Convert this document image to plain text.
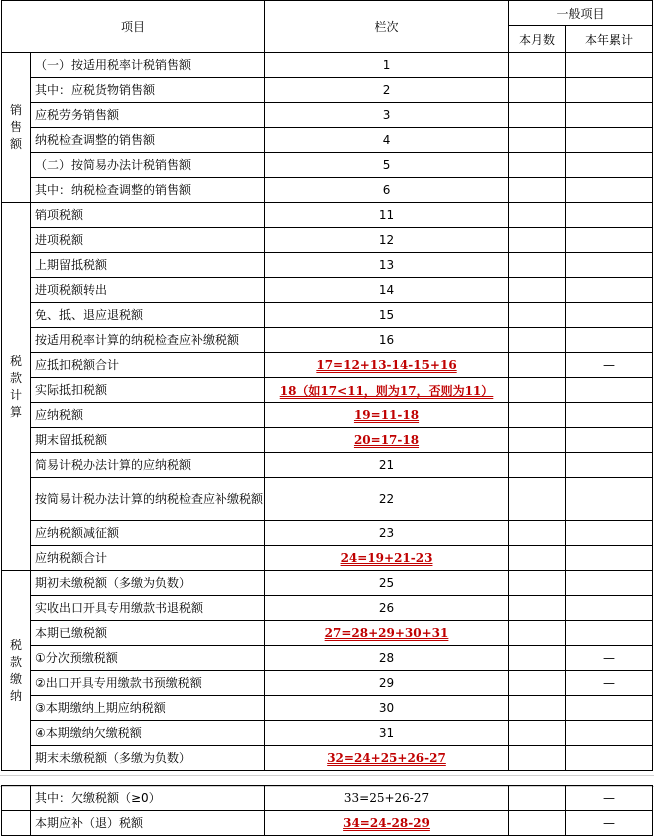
项目		栏次	一般项目	
			本月数	本年累计

销
售
额	（一）按适用税率计税销售额	1		
	其中：应税货物销售额	2		
	应税劳务销售额	3		
	纳税检查调整的销售额	4		
	（二）按简易办法计税销售额	5		
	其中：纳税检查调整的销售额	6		

税
款
计
算	销项税额	11		
	进项税额	12		
	上期留抵税额	13		
	进项税额转出	14		
	免、抵、退应退税额	15		
	按适用税率计算的纳税检查应补缴税额	16		
	应抵扣税额合计	17=12+13-14-15+16		—
	实际抵扣税额	18（如17<11，则为17，否则为11）		
	应纳税额	19=11-18		
	期末留抵税额	20=17-18		
	简易计税办法计算的应纳税额	21		
	按简易计税办法计算的纳税检查应补缴税额	22		
	应纳税额减征额	23		
	应纳税额合计	24=19+21-23		

税
款
缴
纳	期初未缴税额（多缴为负数）	25		
	实收出口开具专用缴款书退税额	26		
	本期已缴税额	27=28+29+30+31		
	①分次预缴税额	28		—
	②出口开具专用缴款书预缴税额	29		—
	③本期缴纳上期应纳税额	30		
	④本期缴纳欠缴税额	31		
	期末未缴税额（多缴为负数）	32=24+25+26-27		
	其中：欠缴税额（≥0）	33=25+26-27		—
	本期应补（退）税额	34=24-28-29		—
